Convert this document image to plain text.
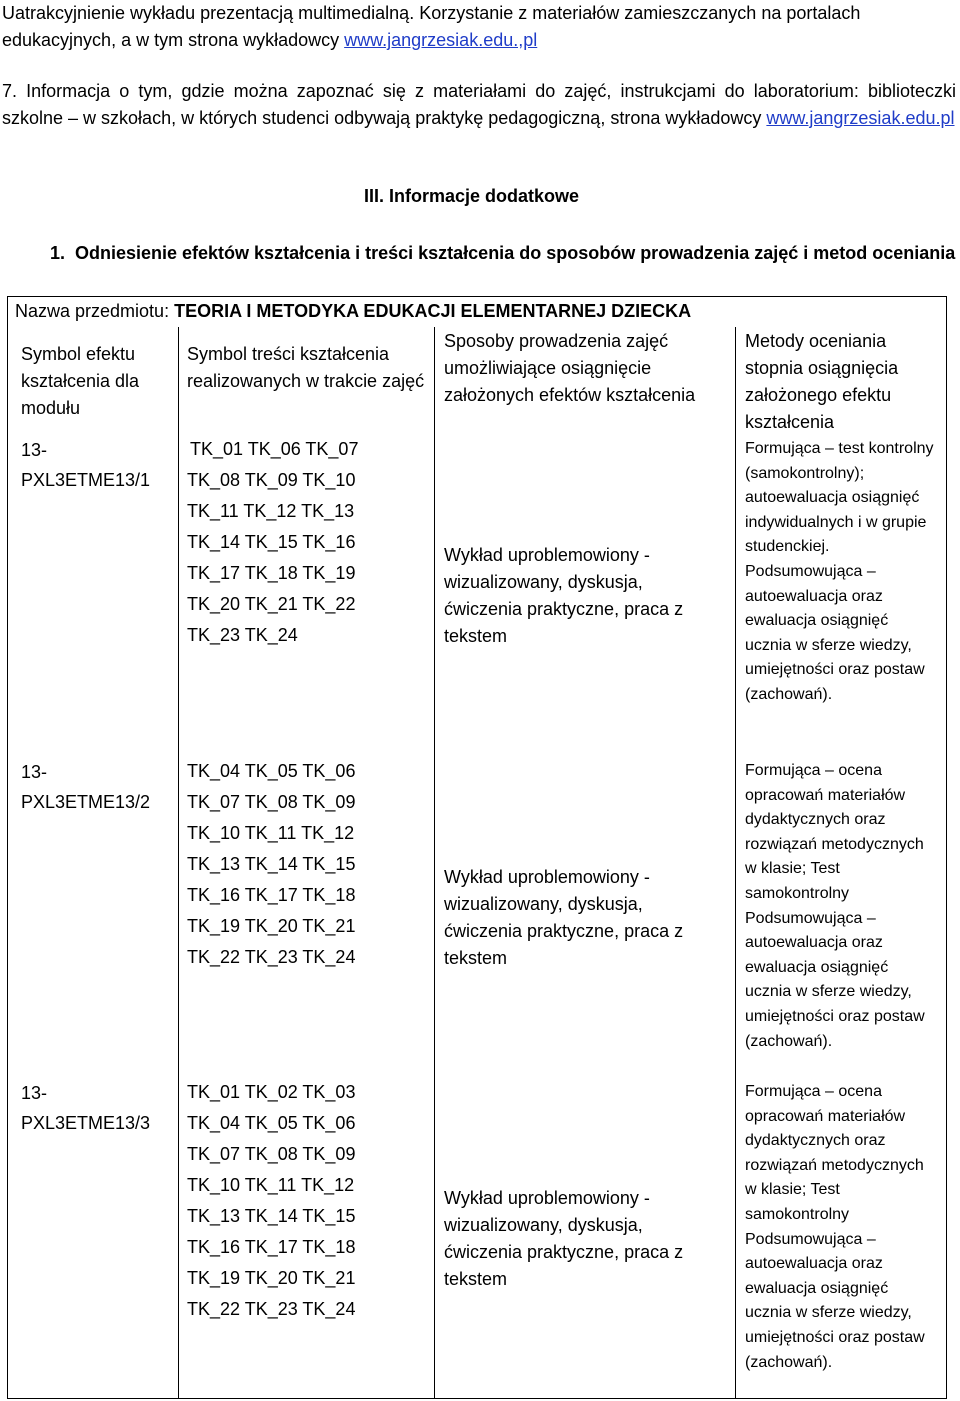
Uatrakcyjnienie wykładu prezentacją multimedialną. Korzystanie z materiałów zamieszczanych na portalach edukacyjnych, a w tym strona wykładowcy www.jangrzesiak.edu.,pl
7. Informacja o tym, gdzie można zapoznać się z materiałami do zajęć, instrukcjami do laboratorium: biblioteczki szkolne – w szkołach, w których studenci odbywają praktykę pedagogiczną, strona wykładowcy www.jangrzesiak.edu.pl
III. Informacje dodatkowe
1. Odniesienie efektów kształcenia i treści kształcenia do sposobów prowadzenia zajęć i metod oceniania
Nazwa przedmiotu: TEORIA I METODYKA EDUKACJI ELEMENTARNEJ DZIECKA
Symbol efektu kształcenia dla modułu
Symbol treści kształcenia realizowanych w trakcie zajęć
Sposoby prowadzenia zajęć umożliwiające osiągnięcie założonych efektów kształcenia
Metody oceniania stopnia osiągnięcia założonego efektu kształcenia
13-
PXL3ETME13/1
TK_01 TK_06 TK_07
TK_08 TK_09 TK_10
TK_11 TK_12 TK_13
TK_14 TK_15 TK_16
TK_17 TK_18 TK_19
TK_20 TK_21 TK_22
TK_23 TK_24
Wykład uproblemowiony - wizualizowany, dyskusja, ćwiczenia praktyczne, praca z tekstem
Formująca – test kontrolny (samokontrolny); autoewaluacja osiągnięć indywidualnych i w grupie studenckiej. Podsumowująca – autoewaluacja oraz ewaluacja osiągnięć ucznia w sferze wiedzy, umiejętności oraz postaw (zachowań).
13-
PXL3ETME13/2
TK_04 TK_05 TK_06
TK_07 TK_08 TK_09
TK_10 TK_11 TK_12
TK_13 TK_14 TK_15
TK_16 TK_17 TK_18
TK_19 TK_20 TK_21
TK_22 TK_23 TK_24
Wykład uproblemowiony - wizualizowany, dyskusja, ćwiczenia praktyczne, praca z tekstem
Formująca – ocena opracowań materiałów dydaktycznych oraz rozwiązań metodycznych w klasie; Test samokontrolny Podsumowująca – autoewaluacja oraz ewaluacja osiągnięć ucznia w sferze wiedzy, umiejętności oraz postaw (zachowań).
13-
PXL3ETME13/3
TK_01 TK_02 TK_03
TK_04 TK_05 TK_06
TK_07 TK_08 TK_09
TK_10 TK_11 TK_12
TK_13 TK_14 TK_15
TK_16 TK_17 TK_18
TK_19 TK_20 TK_21
TK_22 TK_23 TK_24
Wykład uproblemowiony - wizualizowany, dyskusja, ćwiczenia praktyczne, praca z tekstem
Formująca – ocena opracowań materiałów dydaktycznych oraz rozwiązań metodycznych w klasie; Test samokontrolny Podsumowująca – autoewaluacja oraz ewaluacja osiągnięć ucznia w sferze wiedzy, umiejętności oraz postaw (zachowań).
